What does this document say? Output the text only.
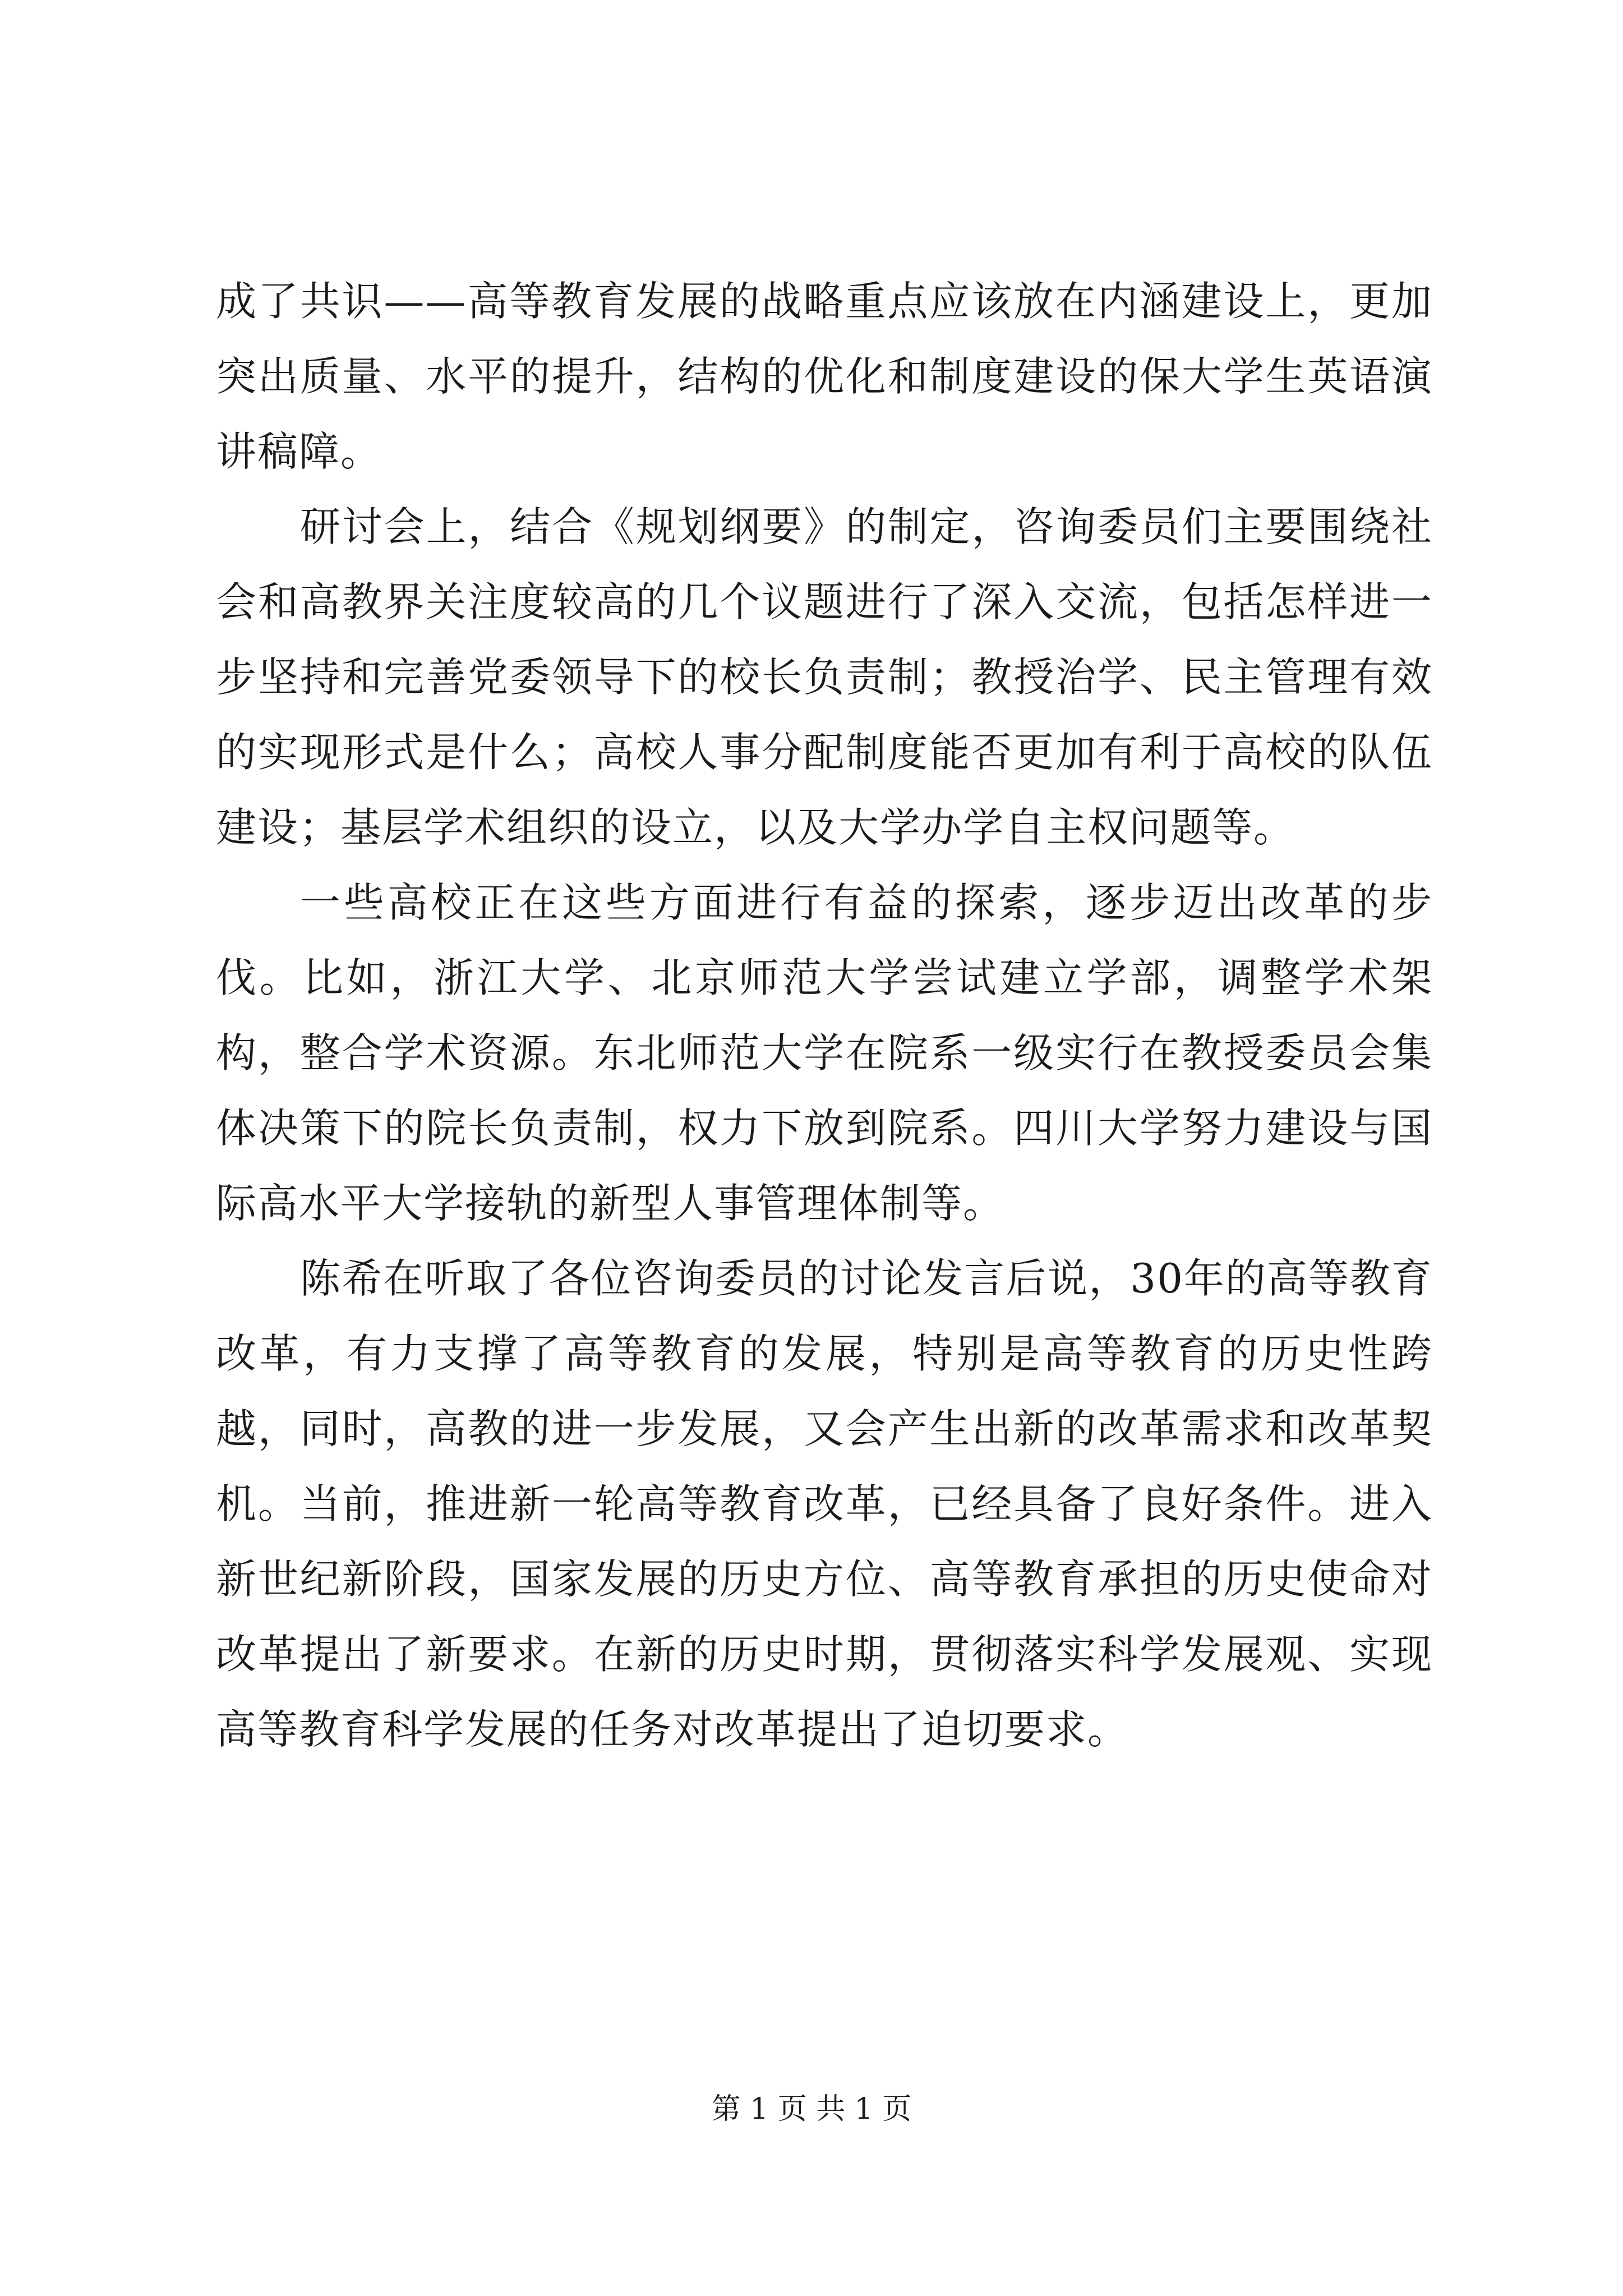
成了共识——高等教育发展的战略重点应该放在内涵建设上，更加突出质量、水平的提升，结构的优化和制度建设的保大学生英语演讲稿障。

研讨会上，结合《规划纲要》的制定，咨询委员们主要围绕社会和高教界关注度较高的几个议题进行了深入交流，包括怎样进一步坚持和完善党委领导下的校长负责制；教授治学、民主管理有效的实现形式是什么；高校人事分配制度能否更加有利于高校的队伍建设；基层学术组织的设立，以及大学办学自主权问题等。

一些高校正在这些方面进行有益的探索，逐步迈出改革的步伐。比如，浙江大学、北京师范大学尝试建立学部，调整学术架构，整合学术资源。东北师范大学在院系一级实行在教授委员会集体决策下的院长负责制，权力下放到院系。四川大学努力建设与国际高水平大学接轨的新型人事管理体制等。

陈希在听取了各位咨询委员的讨论发言后说，30年的高等教育改革，有力支撑了高等教育的发展，特别是高等教育的历史性跨越，同时，高教的进一步发展，又会产生出新的改革需求和改革契机。当前，推进新一轮高等教育改革，已经具备了良好条件。进入新世纪新阶段，国家发展的历史方位、高等教育承担的历史使命对改革提出了新要求。在新的历史时期，贯彻落实科学发展观、实现高等教育科学发展的任务对改革提出了迫切要求。

第 1 页 共 1 页
